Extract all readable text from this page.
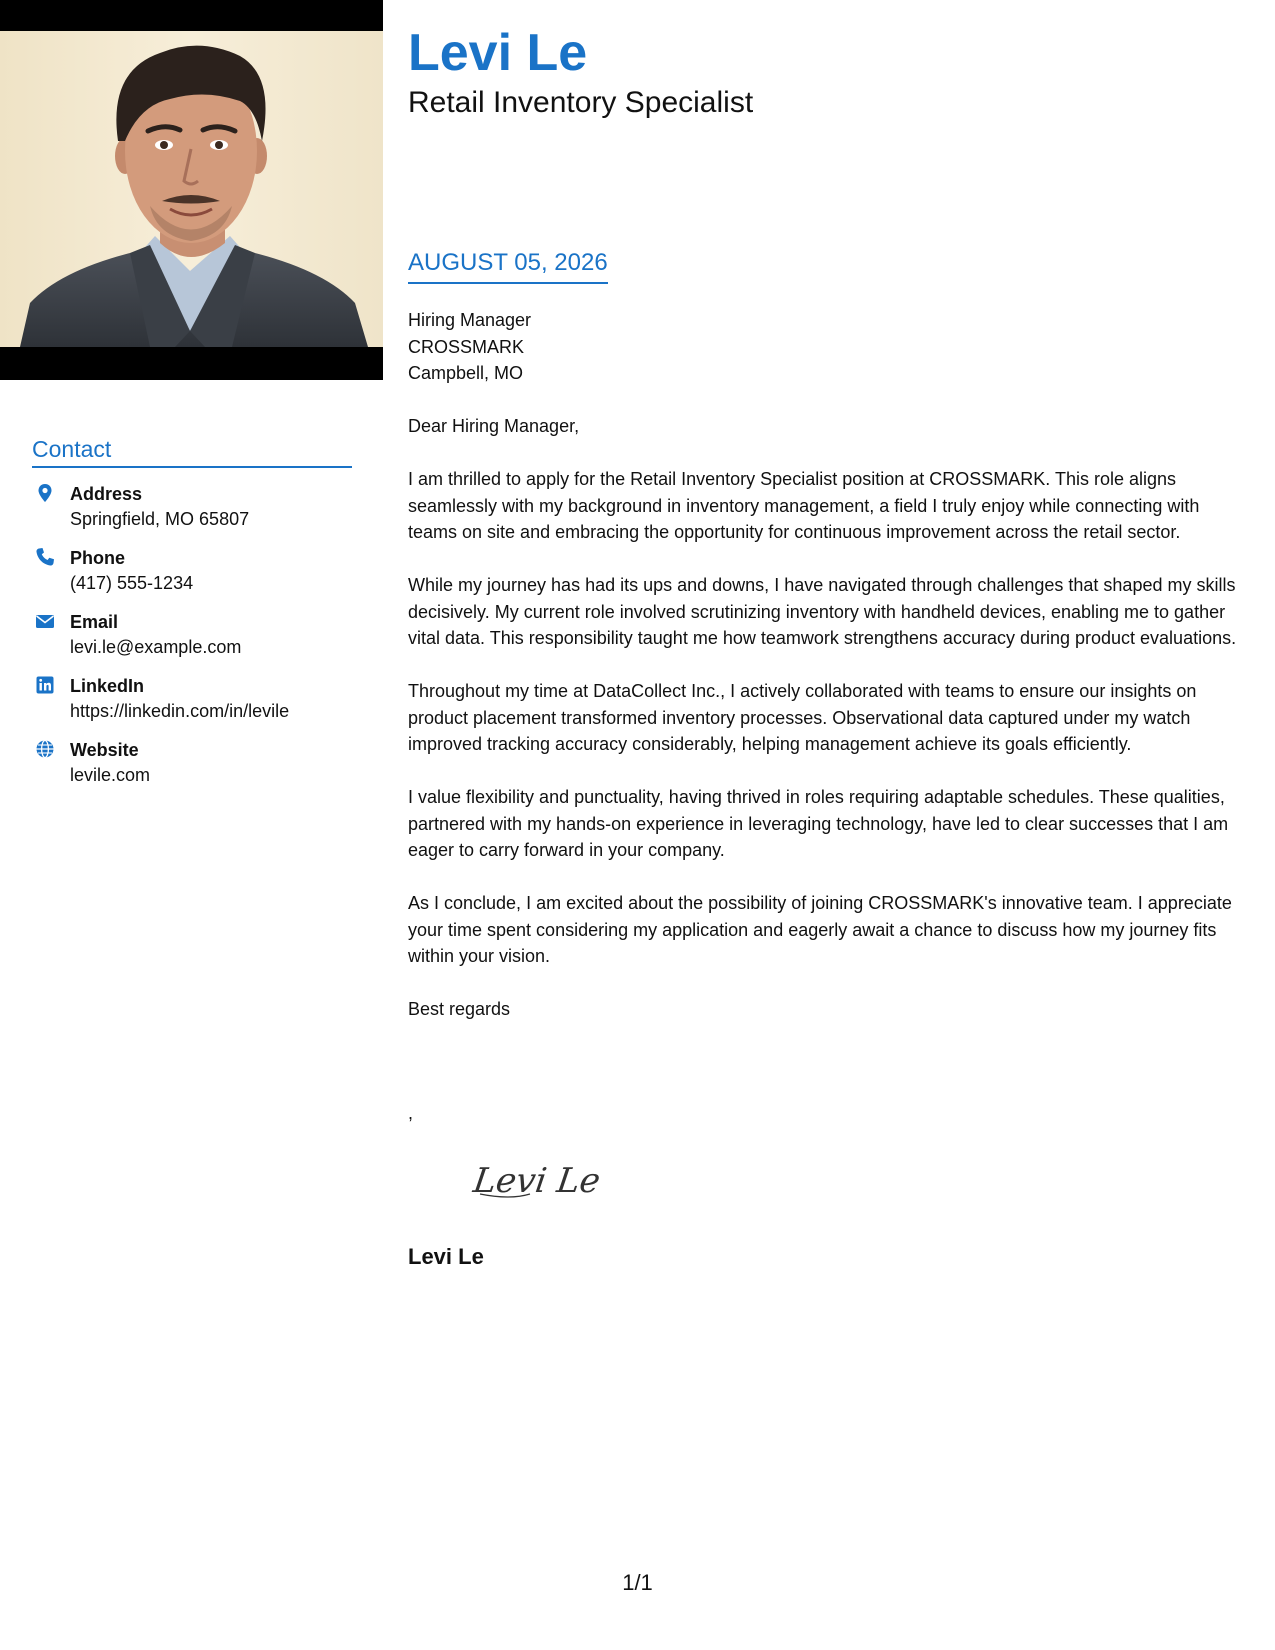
Contact
Address
Springfield, MO 65807
Phone
(417) 555-1234
Email
levi.le@example.com
LinkedIn
https://linkedin.com/in/levile
Website
levile.com
Levi Le
Retail Inventory Specialist
AUGUST 05, 2026
Hiring Manager
CROSSMARK
Campbell, MO

Dear Hiring Manager,

I am thrilled to apply for the Retail Inventory Specialist position at CROSSMARK. This role aligns seamlessly with my background in inventory management, a field I truly enjoy while connecting with teams on site and embracing the opportunity for continuous improvement across the retail sector.

While my journey has had its ups and downs, I have navigated through challenges that shaped my skills decisively. My current role involved scrutinizing inventory with handheld devices, enabling me to gather vital data. This responsibility taught me how teamwork strengthens accuracy during product evaluations.

Throughout my time at DataCollect Inc., I actively collaborated with teams to ensure our insights on product placement transformed inventory processes. Observational data captured under my watch improved tracking accuracy considerably, helping management achieve its goals efficiently.

I value flexibility and punctuality, having thrived in roles requiring adaptable schedules. These qualities, partnered with my hands-on experience in leveraging technology, have led to clear successes that I am eager to carry forward in your company.

As I conclude, I am excited about the possibility of joining CROSSMARK's innovative team. I appreciate your time spent considering my application and eagerly await a chance to discuss how my journey fits within your vision.

Best regards

,
Levi Le
Levi Le
1/1
